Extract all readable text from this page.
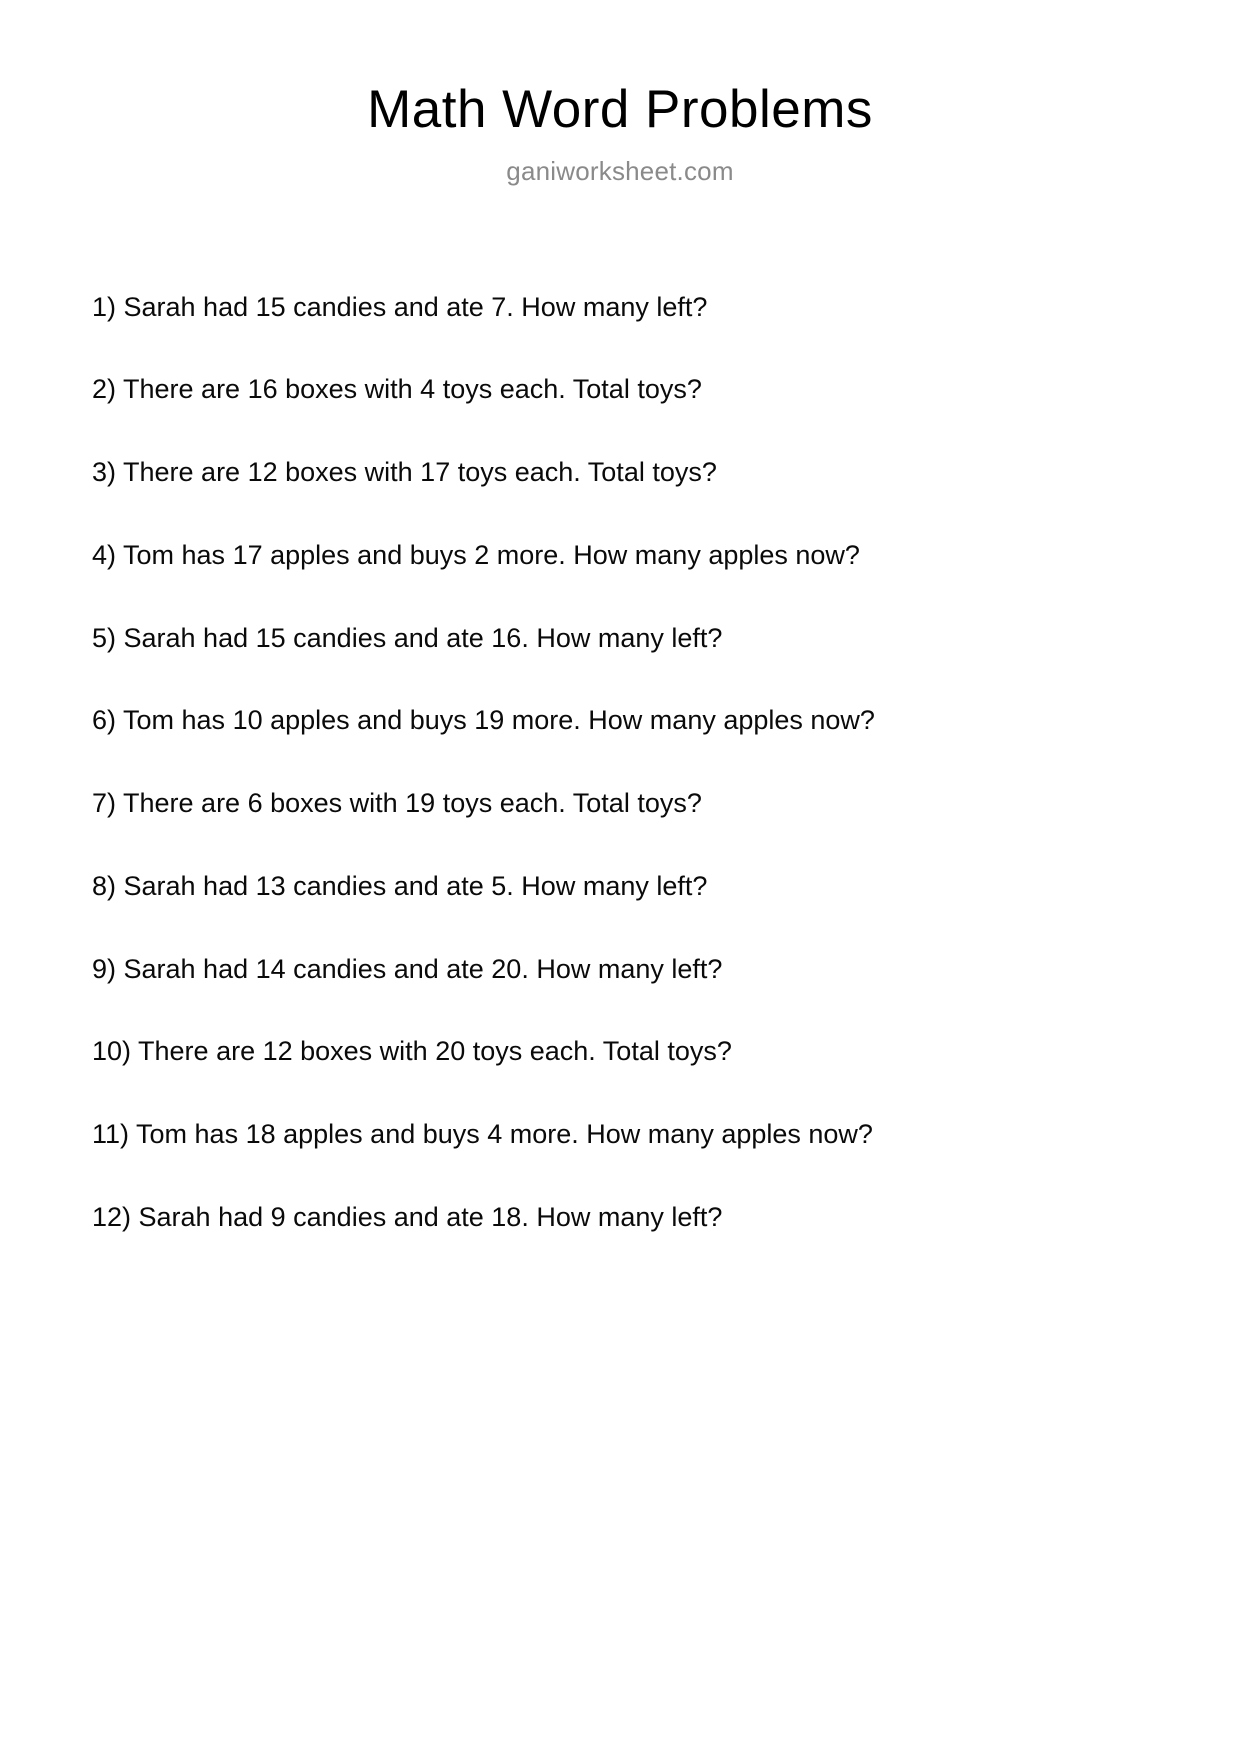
Math Word Problems
ganiworksheet.com
1) Sarah had 15 candies and ate 7. How many left?
2) There are 16 boxes with 4 toys each. Total toys?
3) There are 12 boxes with 17 toys each. Total toys?
4) Tom has 17 apples and buys 2 more. How many apples now?
5) Sarah had 15 candies and ate 16. How many left?
6) Tom has 10 apples and buys 19 more. How many apples now?
7) There are 6 boxes with 19 toys each. Total toys?
8) Sarah had 13 candies and ate 5. How many left?
9) Sarah had 14 candies and ate 20. How many left?
10) There are 12 boxes with 20 toys each. Total toys?
11) Tom has 18 apples and buys 4 more. How many apples now?
12) Sarah had 9 candies and ate 18. How many left?
